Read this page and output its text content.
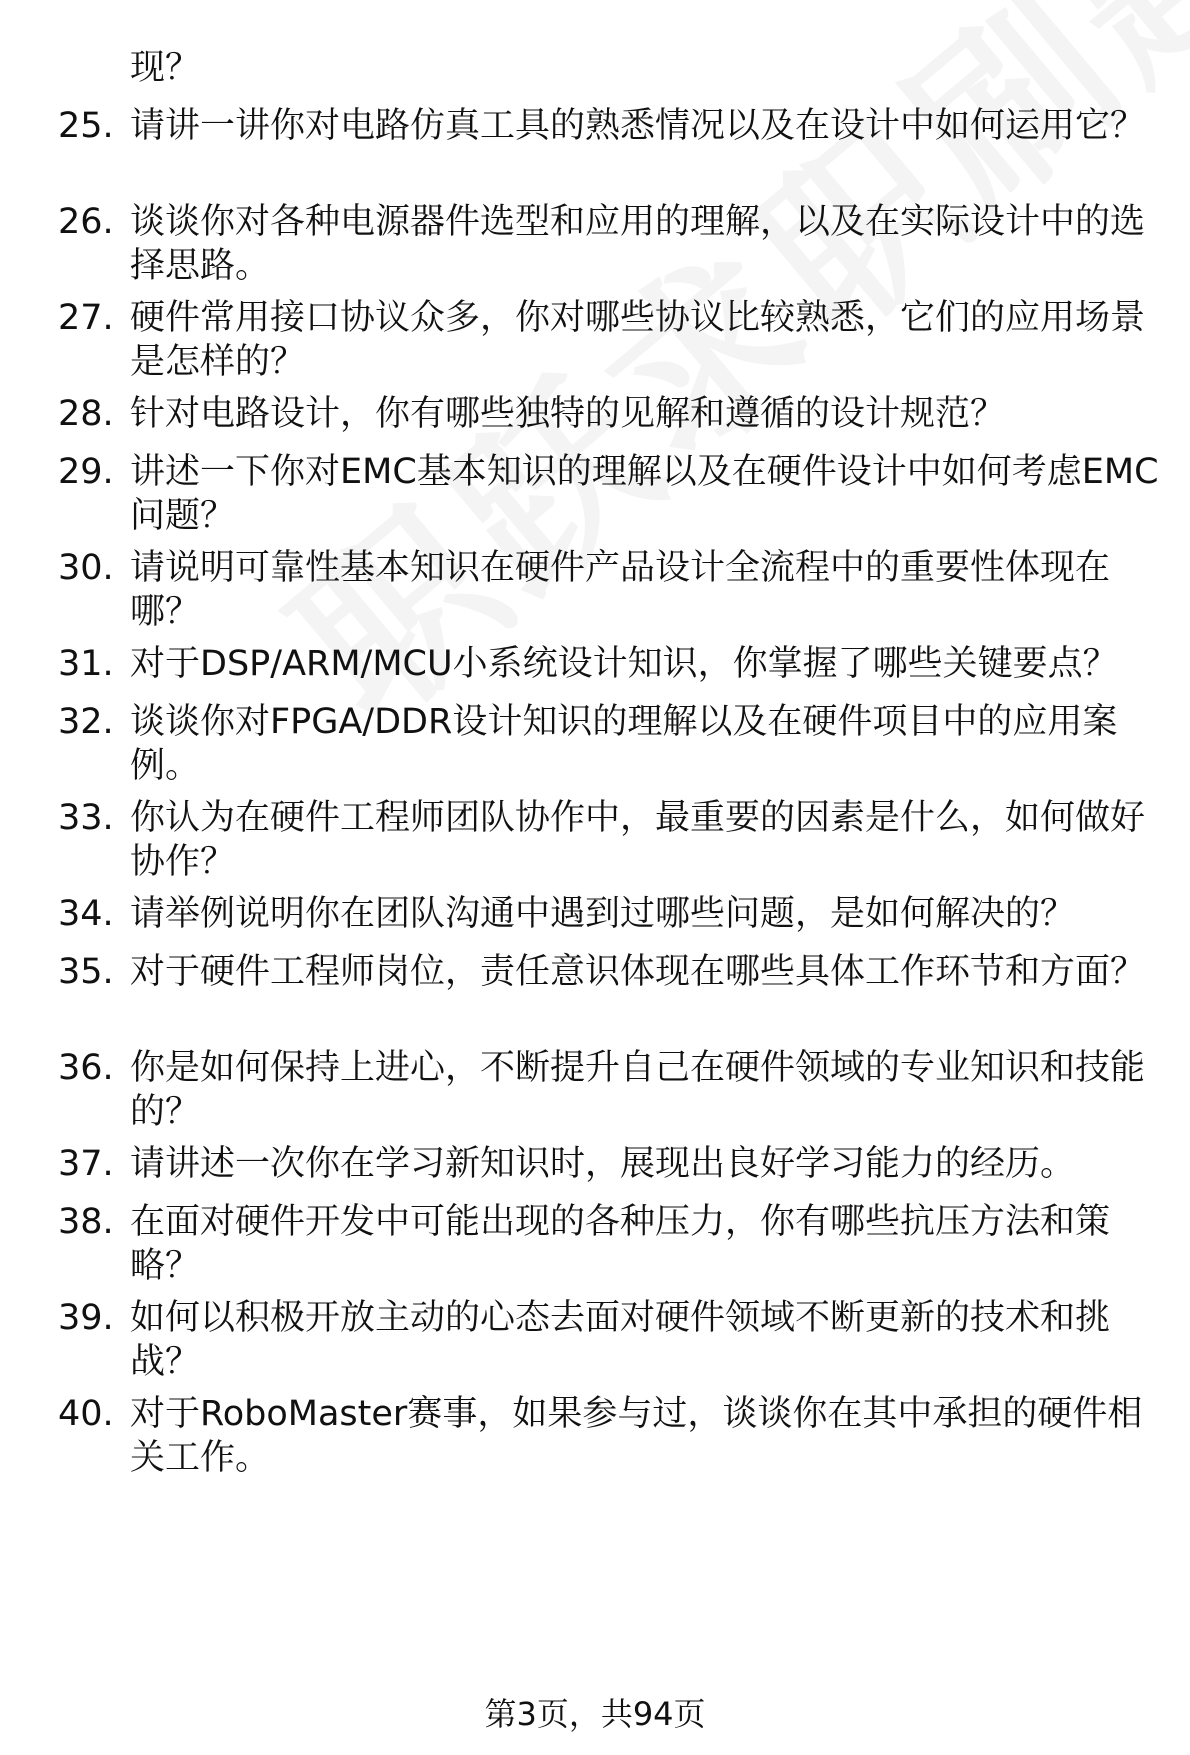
现？
25. 请讲一讲你对电路仿真工具的熟悉情况以及在设计中如何运用它？
26. 谈谈你对各种电源器件选型和应用的理解，以及在实际设计中的选择思路。
27. 硬件常用接口协议众多，你对哪些协议比较熟悉，它们的应用场景是怎样的？
28. 针对电路设计，你有哪些独特的见解和遵循的设计规范？
29. 讲述一下你对EMC基本知识的理解以及在硬件设计中如何考虑EMC问题？
30. 请说明可靠性基本知识在硬件产品设计全流程中的重要性体现在哪？
31. 对于DSP/ARM/MCU小系统设计知识，你掌握了哪些关键要点？
32. 谈谈你对FPGA/DDR设计知识的理解以及在硬件项目中的应用案例。
33. 你认为在硬件工程师团队协作中，最重要的因素是什么，如何做好协作？
34. 请举例说明你在团队沟通中遇到过哪些问题，是如何解决的？
35. 对于硬件工程师岗位，责任意识体现在哪些具体工作环节和方面？
36. 你是如何保持上进心，不断提升自己在硬件领域的专业知识和技能的？
37. 请讲述一次你在学习新知识时，展现出良好学习能力的经历。
38. 在面对硬件开发中可能出现的各种压力，你有哪些抗压方法和策略？
39. 如何以积极开放主动的心态去面对硬件领域不断更新的技术和挑战？
40. 对于RoboMaster赛事，如果参与过，谈谈你在其中承担的硬件相关工作。
第3页，共94页
